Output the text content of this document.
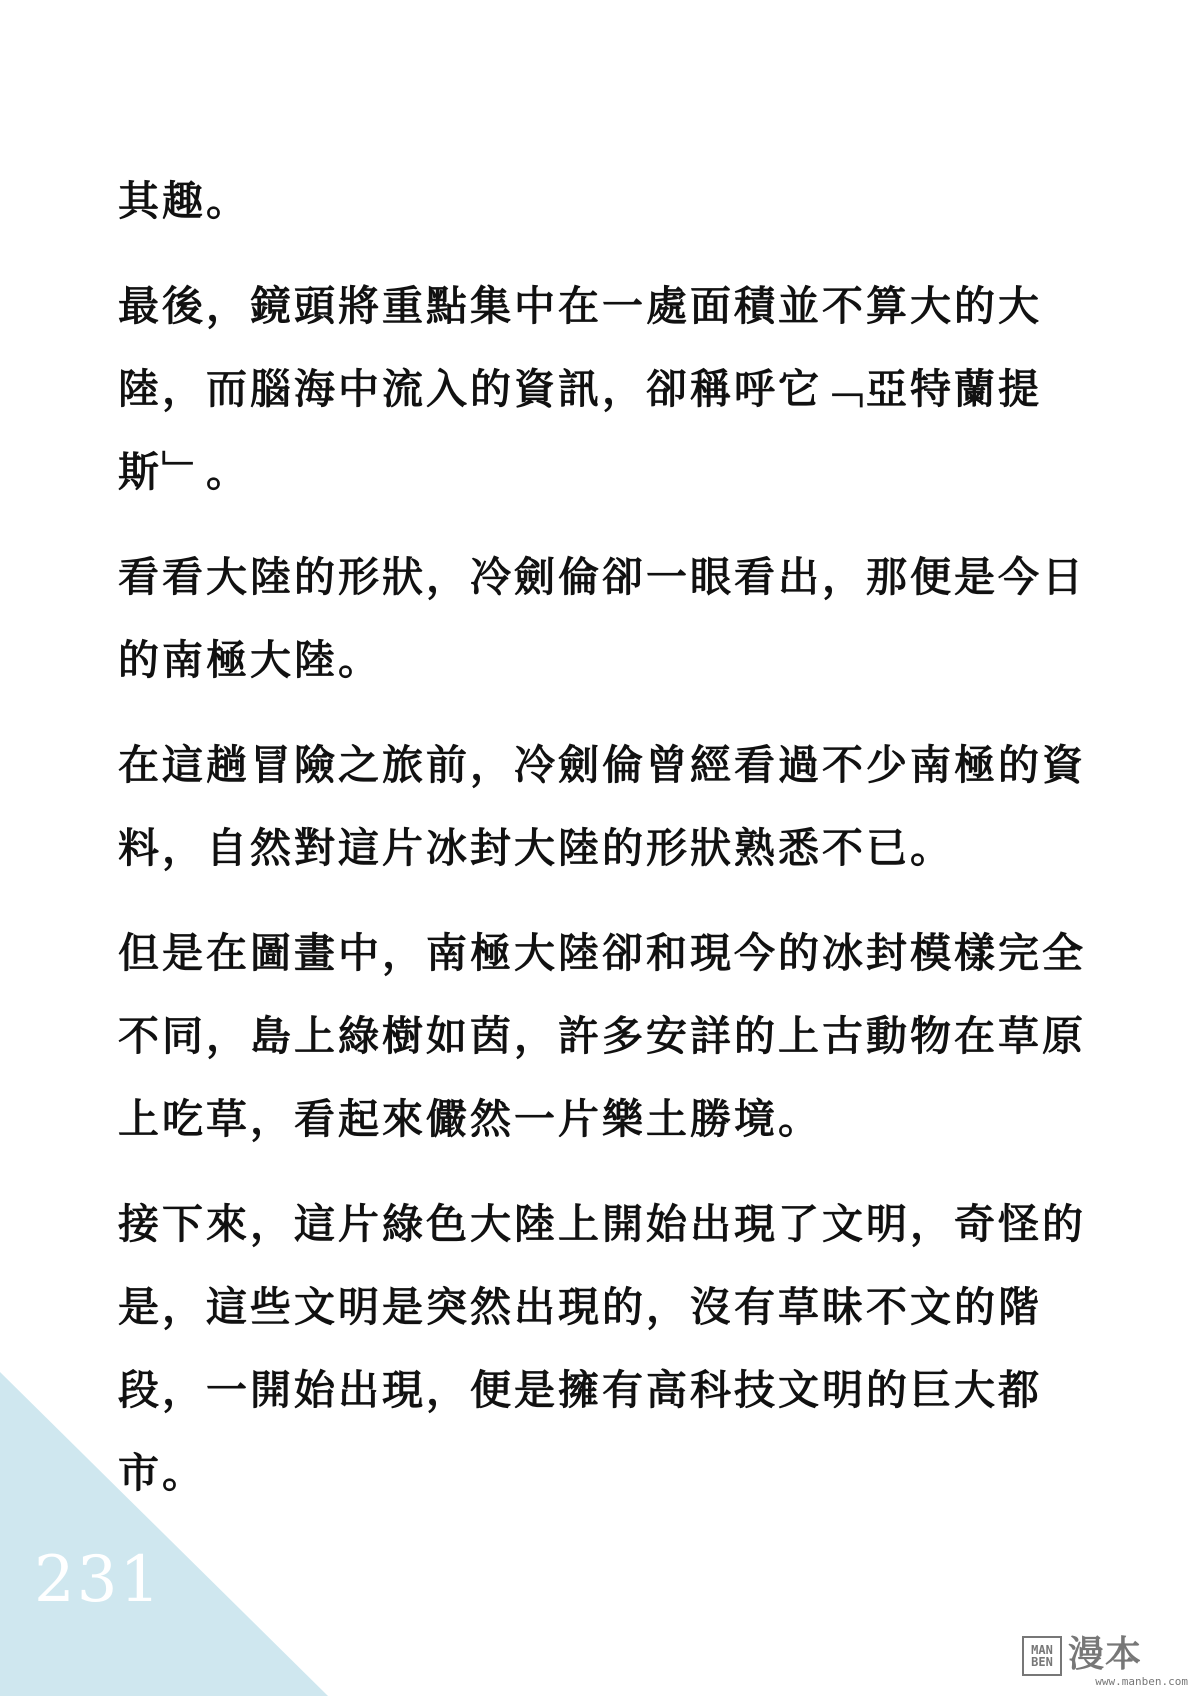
231

其趣。

最後，鏡頭將重點集中在一處面積並不算大的大陸，而腦海中流入的資訊，卻稱呼它﹁亞特蘭提斯﹂。

看看大陸的形狀，冷劍倫卻一眼看出，那便是今日的南極大陸。

在這趟冒險之旅前，冷劍倫曾經看過不少南極的資料，自然對這片冰封大陸的形狀熟悉不已。

但是在圖畫中，南極大陸卻和現今的冰封模樣完全不同，島上綠樹如茵，許多安詳的上古動物在草原上吃草，看起來儼然一片樂土勝境。

接下來，這片綠色大陸上開始出現了文明，奇怪的是，這些文明是突然出現的，沒有草昧不文的階段，一開始出現，便是擁有高科技文明的巨大都市。

MAN BEN 漫本
www.manben.com
